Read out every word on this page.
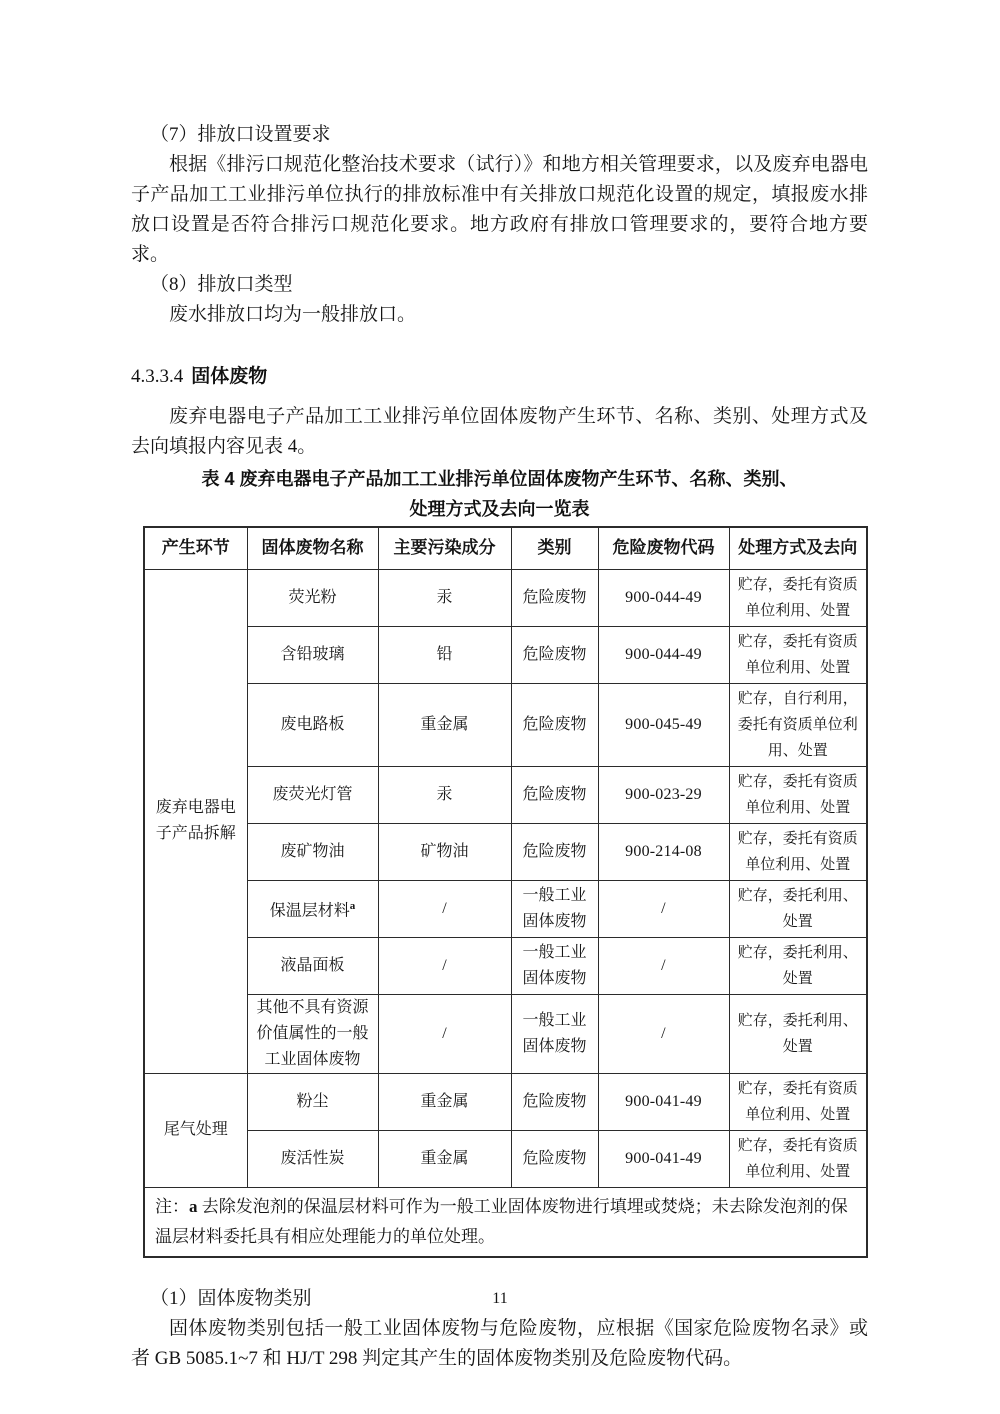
（7）排放口设置要求
根据《排污口规范化整治技术要求（试行）》和地方相关管理要求，以及废弃电器电子产品加工工业排污单位执行的排放标准中有关排放口规范化设置的规定，填报废水排放口设置是否符合排污口规范化要求。地方政府有排放口管理要求的，要符合地方要求。
（8）排放口类型
废水排放口均为一般排放口。
4.3.3.4 固体废物
废弃电器电子产品加工工业排污单位固体废物产生环节、名称、类别、处理方式及去向填报内容见表 4。
表 4 废弃电器电子产品加工工业排污单位固体废物产生环节、名称、类别、
处理方式及去向一览表
产生环节	固体废物名称	主要污染成分	类别	危险废物代码	处理方式及去向
废弃电器电子产品拆解	荧光粉	汞	危险废物	900-044-49	贮存，委托有资质单位利用、处置
	含铅玻璃	铅	危险废物	900-044-49	贮存，委托有资质单位利用、处置
	废电路板	重金属	危险废物	900-045-49	贮存，自行利用，委托有资质单位利用、处置
	废荧光灯管	汞	危险废物	900-023-29	贮存，委托有资质单位利用、处置
	废矿物油	矿物油	危险废物	900-214-08	贮存，委托有资质单位利用、处置
	保温层材料$^a$	/	一般工业固体废物	/	贮存，委托利用、处置
	液晶面板	/	一般工业固体废物	/	贮存，委托利用、处置
	其他不具有资源价值属性的一般工业固体废物	/	一般工业固体废物	/	贮存，委托利用、处置
尾气处理	粉尘	重金属	危险废物	900-041-49	贮存，委托有资质单位利用、处置
	废活性炭	重金属	危险废物	900-041-49	贮存，委托有资质单位利用、处置
注：a 去除发泡剂的保温层材料可作为一般工业固体废物进行填埋或焚烧；未去除发泡剂的保温层材料委托具有相应处理能力的单位处理。					
（1）固体废物类别
固体废物类别包括一般工业固体废物与危险废物，应根据《国家危险废物名录》或者 GB 5085.1~7 和 HJ/T 298 判定其产生的固体废物类别及危险废物代码。
11
